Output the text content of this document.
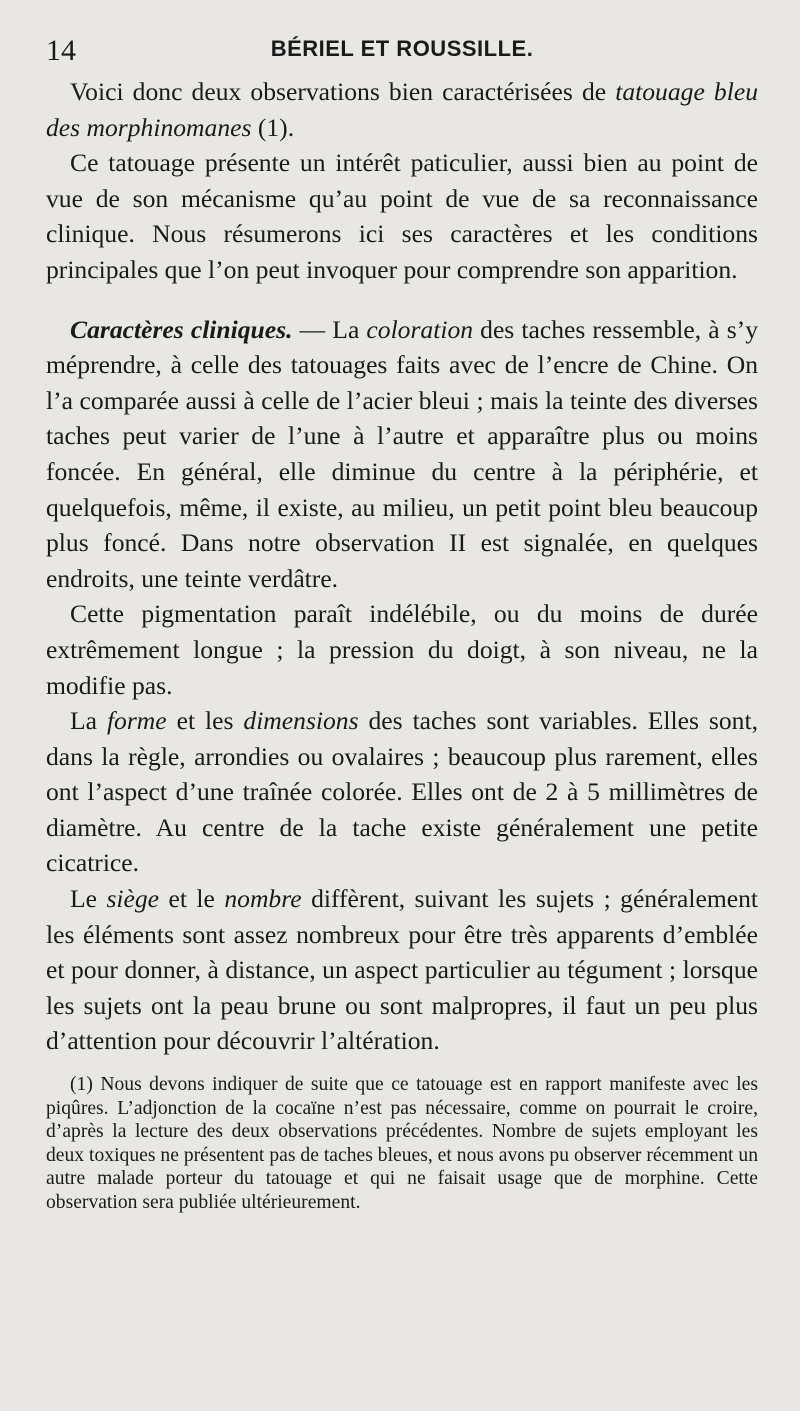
14	BÉRIEL ET ROUSSILLE.

Voici donc deux observations bien caractérisées de tatouage bleu des morphinomanes (1).

Ce tatouage présente un intérêt paticulier, aussi bien au point de vue de son mécanisme qu’au point de vue de sa reconnaissance clinique. Nous résumerons ici ses caractères et les conditions principales que l’on peut invoquer pour comprendre son apparition.

Caractères cliniques. — La coloration des taches ressemble, à s’y méprendre, à celle des tatouages faits avec de l’encre de Chine. On l’a comparée aussi à celle de l’acier bleui ; mais la teinte des diverses taches peut varier de l’une à l’autre et apparaître plus ou moins foncée. En général, elle diminue du centre à la périphérie, et quelquefois, même, il existe, au milieu, un petit point bleu beaucoup plus foncé. Dans notre observation II est signalée, en quelques endroits, une teinte verdâtre.

Cette pigmentation paraît indélébile, ou du moins de durée extrêmement longue ; la pression du doigt, à son niveau, ne la modifie pas.

La forme et les dimensions des taches sont variables. Elles sont, dans la règle, arrondies ou ovalaires ; beaucoup plus rarement, elles ont l’aspect d’une traînée colorée. Elles ont de 2 à 5 millimètres de diamètre. Au centre de la tache existe généralement une petite cicatrice.

Le siège et le nombre diffèrent, suivant les sujets ; généralement les éléments sont assez nombreux pour être très apparents d’emblée et pour donner, à distance, un aspect particulier au tégument ; lorsque les sujets ont la peau brune ou sont malpropres, il faut un peu plus d’attention pour découvrir l’altération.

(1) Nous devons indiquer de suite que ce tatouage est en rapport manifeste avec les piqûres. L’adjonction de la cocaïne n’est pas nécessaire, comme on pourrait le croire, d’après la lecture des deux observations précédentes. Nombre de sujets employant les deux toxiques ne présentent pas de taches bleues, et nous avons pu observer récemment un autre malade porteur du tatouage et qui ne faisait usage que de morphine. Cette observation sera publiée ultérieurement.
